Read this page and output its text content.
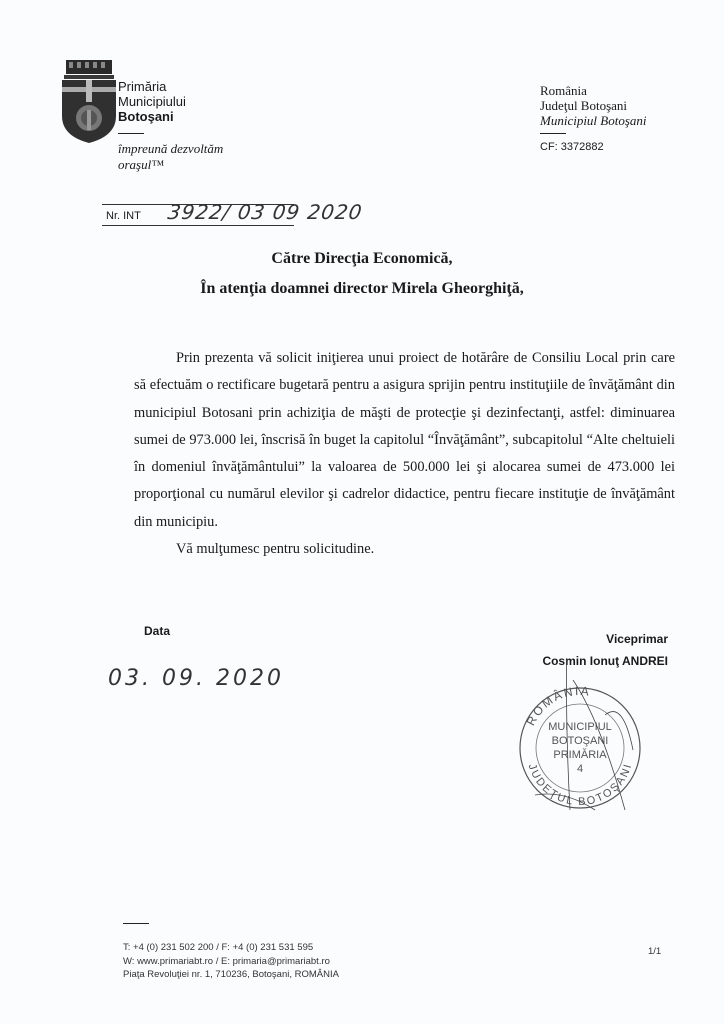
Primăria
Municipiului
Botoşani
împreună dezvoltăm
oraşul™
România
Judeţul Botoşani
Municipiul Botoşani
CF: 3372882
Nr. INT 3922/ 03 09 2020
Către Direcţia Economică,
În atenţia doamnei director Mirela Gheorghiţă,

Prin prezenta vă solicit iniţierea unui proiect de hotărâre de Consiliu Local prin care să efectuăm o rectificare bugetară pentru a asigura sprijin pentru instituţiile de învăţământ din municipiul Botosani prin achiziţia de măşti de protecţie şi dezinfectanţi, astfel: diminuarea sumei de 973.000 lei, înscrisă în buget la capitolul “Învăţământ”, subcapitolul “Alte cheltuieli în domeniul învăţământului” la valoarea de 500.000 lei şi alocarea sumei de 473.000 lei proporţional cu numărul elevilor şi cadrelor didactice, pentru fiecare instituţie de învăţământ din municipiu.

Vă mulţumesc pentru solicitudine.

Data
03. 09. 2020
Viceprimar
Cosmin Ionuţ ANDREI
ROMÂNIA
JUDEŢUL BOTOŞANI
MUNICIPIUL
BOTOŞANI
PRIMĂRIA
4
T: +4 (0) 231 502 200 / F: +4 (0) 231 531 595
W: www.primariabt.ro / E: primaria@primariabt.ro
Piaţa Revoluţiei nr. 1, 710236, Botoşani, ROMÂNIA
1/1
